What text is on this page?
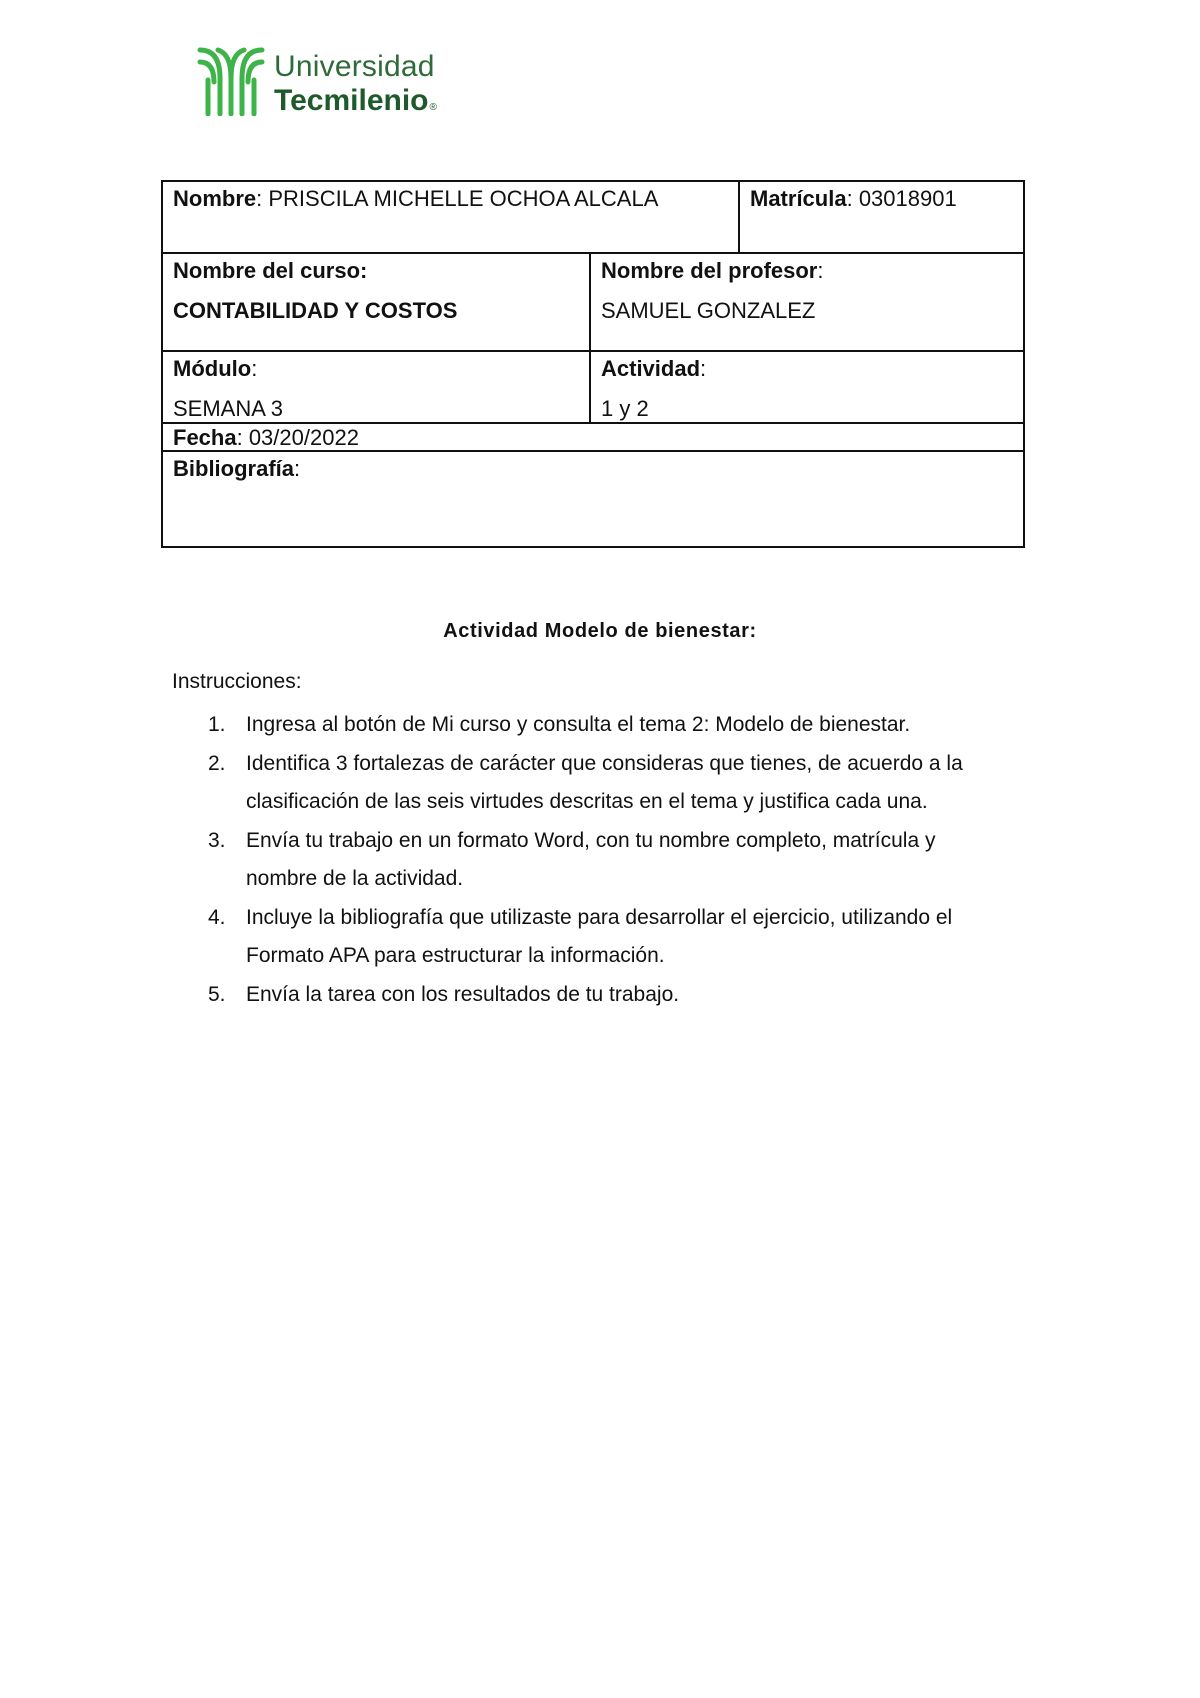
Universidad
Tecmilenio®
Nombre: PRISCILA MICHELLE OCHOA ALCALA	Matrícula: 03018901
Nombre del curso:
CONTABILIDAD Y COSTOS
Nombre del profesor:
SAMUEL GONZALEZ
Módulo:
SEMANA 3
Actividad:
1 y 2
Fecha: 03/20/2022
Bibliografía:
Actividad Modelo de bienestar:
Instrucciones:
1. Ingresa al botón de Mi curso y consulta el tema 2: Modelo de bienestar.
2. Identifica 3 fortalezas de carácter que consideras que tienes, de acuerdo a la
clasificación de las seis virtudes descritas en el tema y justifica cada una.
3. Envía tu trabajo en un formato Word, con tu nombre completo, matrícula y
nombre de la actividad.
4. Incluye la bibliografía que utilizaste para desarrollar el ejercicio, utilizando el
Formato APA para estructurar la información.
5. Envía la tarea con los resultados de tu trabajo.
